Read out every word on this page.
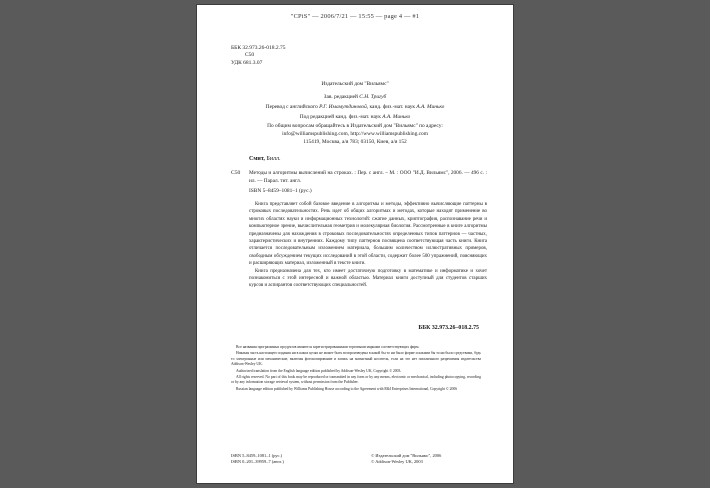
"CPiS" — 2006/7/21 — 15:55 — page 4 — #1
ББК 32.973.26-018.2.75
С50
УДК 681.3.07
Издательский дом "Вильямс"
Зав. редакцией С.Н. Тригуб
Перевод с английского Р.Г. Имамутдиновой, канд. физ.-мат. наук А.А. Минько
Под редакцией канд. физ.-мат. наук А.А. Минько
По общим вопросам обращайтесь в Издательский дом "Вильямс" по адресу:
info@williamspublishing.com, http://www.williamspublishing.com
115419, Москва, а/я 783; 03150, Киев, а/я 152
Смит, Билл.
С50 Методы и алгоритмы вычислений на строках. : Пер. с англ. – М. : ООО "И.Д. Вильямс", 2006. — 496 с. : ил. — Парал. тит. англ.
ISBN 5–8459–1081–1 (рус.)

Книга представляет собой базовое введение в алгоритмы и методы, эффективно вычисляющие паттерны в строковых последовательностях. Речь идет об общих алгоритмах и методах, которые находят применение во многих областях науки и информационных технологий: сжатие данных, криптография, распознавание речи и компьютерное зрение, вычислительная геометрия и молекулярная биология. Рассмотренные в книге алгоритмы предназначены для нахождения в строковых последовательностях определенных типов паттернов — частных, характеристических и внутренних. Каждому типу паттернов посвящена соответствующая часть книги. Книга отличается последовательным изложением материала, большим количеством иллюстративных примеров, свободным обсуждением текущих исследований в этой области, содержит более 500 упражнений, поясняющих и расширяющих материал, изложенный в тексте книги.

Книга предназначена для тех, кто имеет достаточную подготовку в математике и информатике и хочет познакомиться с этой интересной и важной областью. Материал книги доступный для студентов старших курсов и аспирантов соответствующих специальностей.

ББК 32.973.26–018.2.75

Все названия программных продуктов являются зарегистрированными торговыми марками соответствующих фирм.

Никакая часть настоящего издания ни в каких целях не может быть воспроизведена в какой бы то ни было форме и какими бы то ни было средствами, будь то электронные или механические, включая фотокопирование и запись на магнитный носитель, если на это нет письменного разрешения издательства Addison-Wesley UK.

Authorized translation from the English language edition published by Addison-Wesley UK, Copyright © 2003.

All rights reserved. No part of this book may be reproduced or transmitted in any form or by any means, electronic or mechanical, including photocopying, recording or by any information storage retrieval system, without permission from the Publisher.

Russian language edition published by Williams Publishing House according to the Agreement with R&I Enterprises International, Copyright © 2006

ISBN 5–8459–1081–1 (рус.)
ISBN 0–201–39959–7 (англ.)
© Издательский дом "Вильямс", 2006
© Addison-Wesley UK, 2003
